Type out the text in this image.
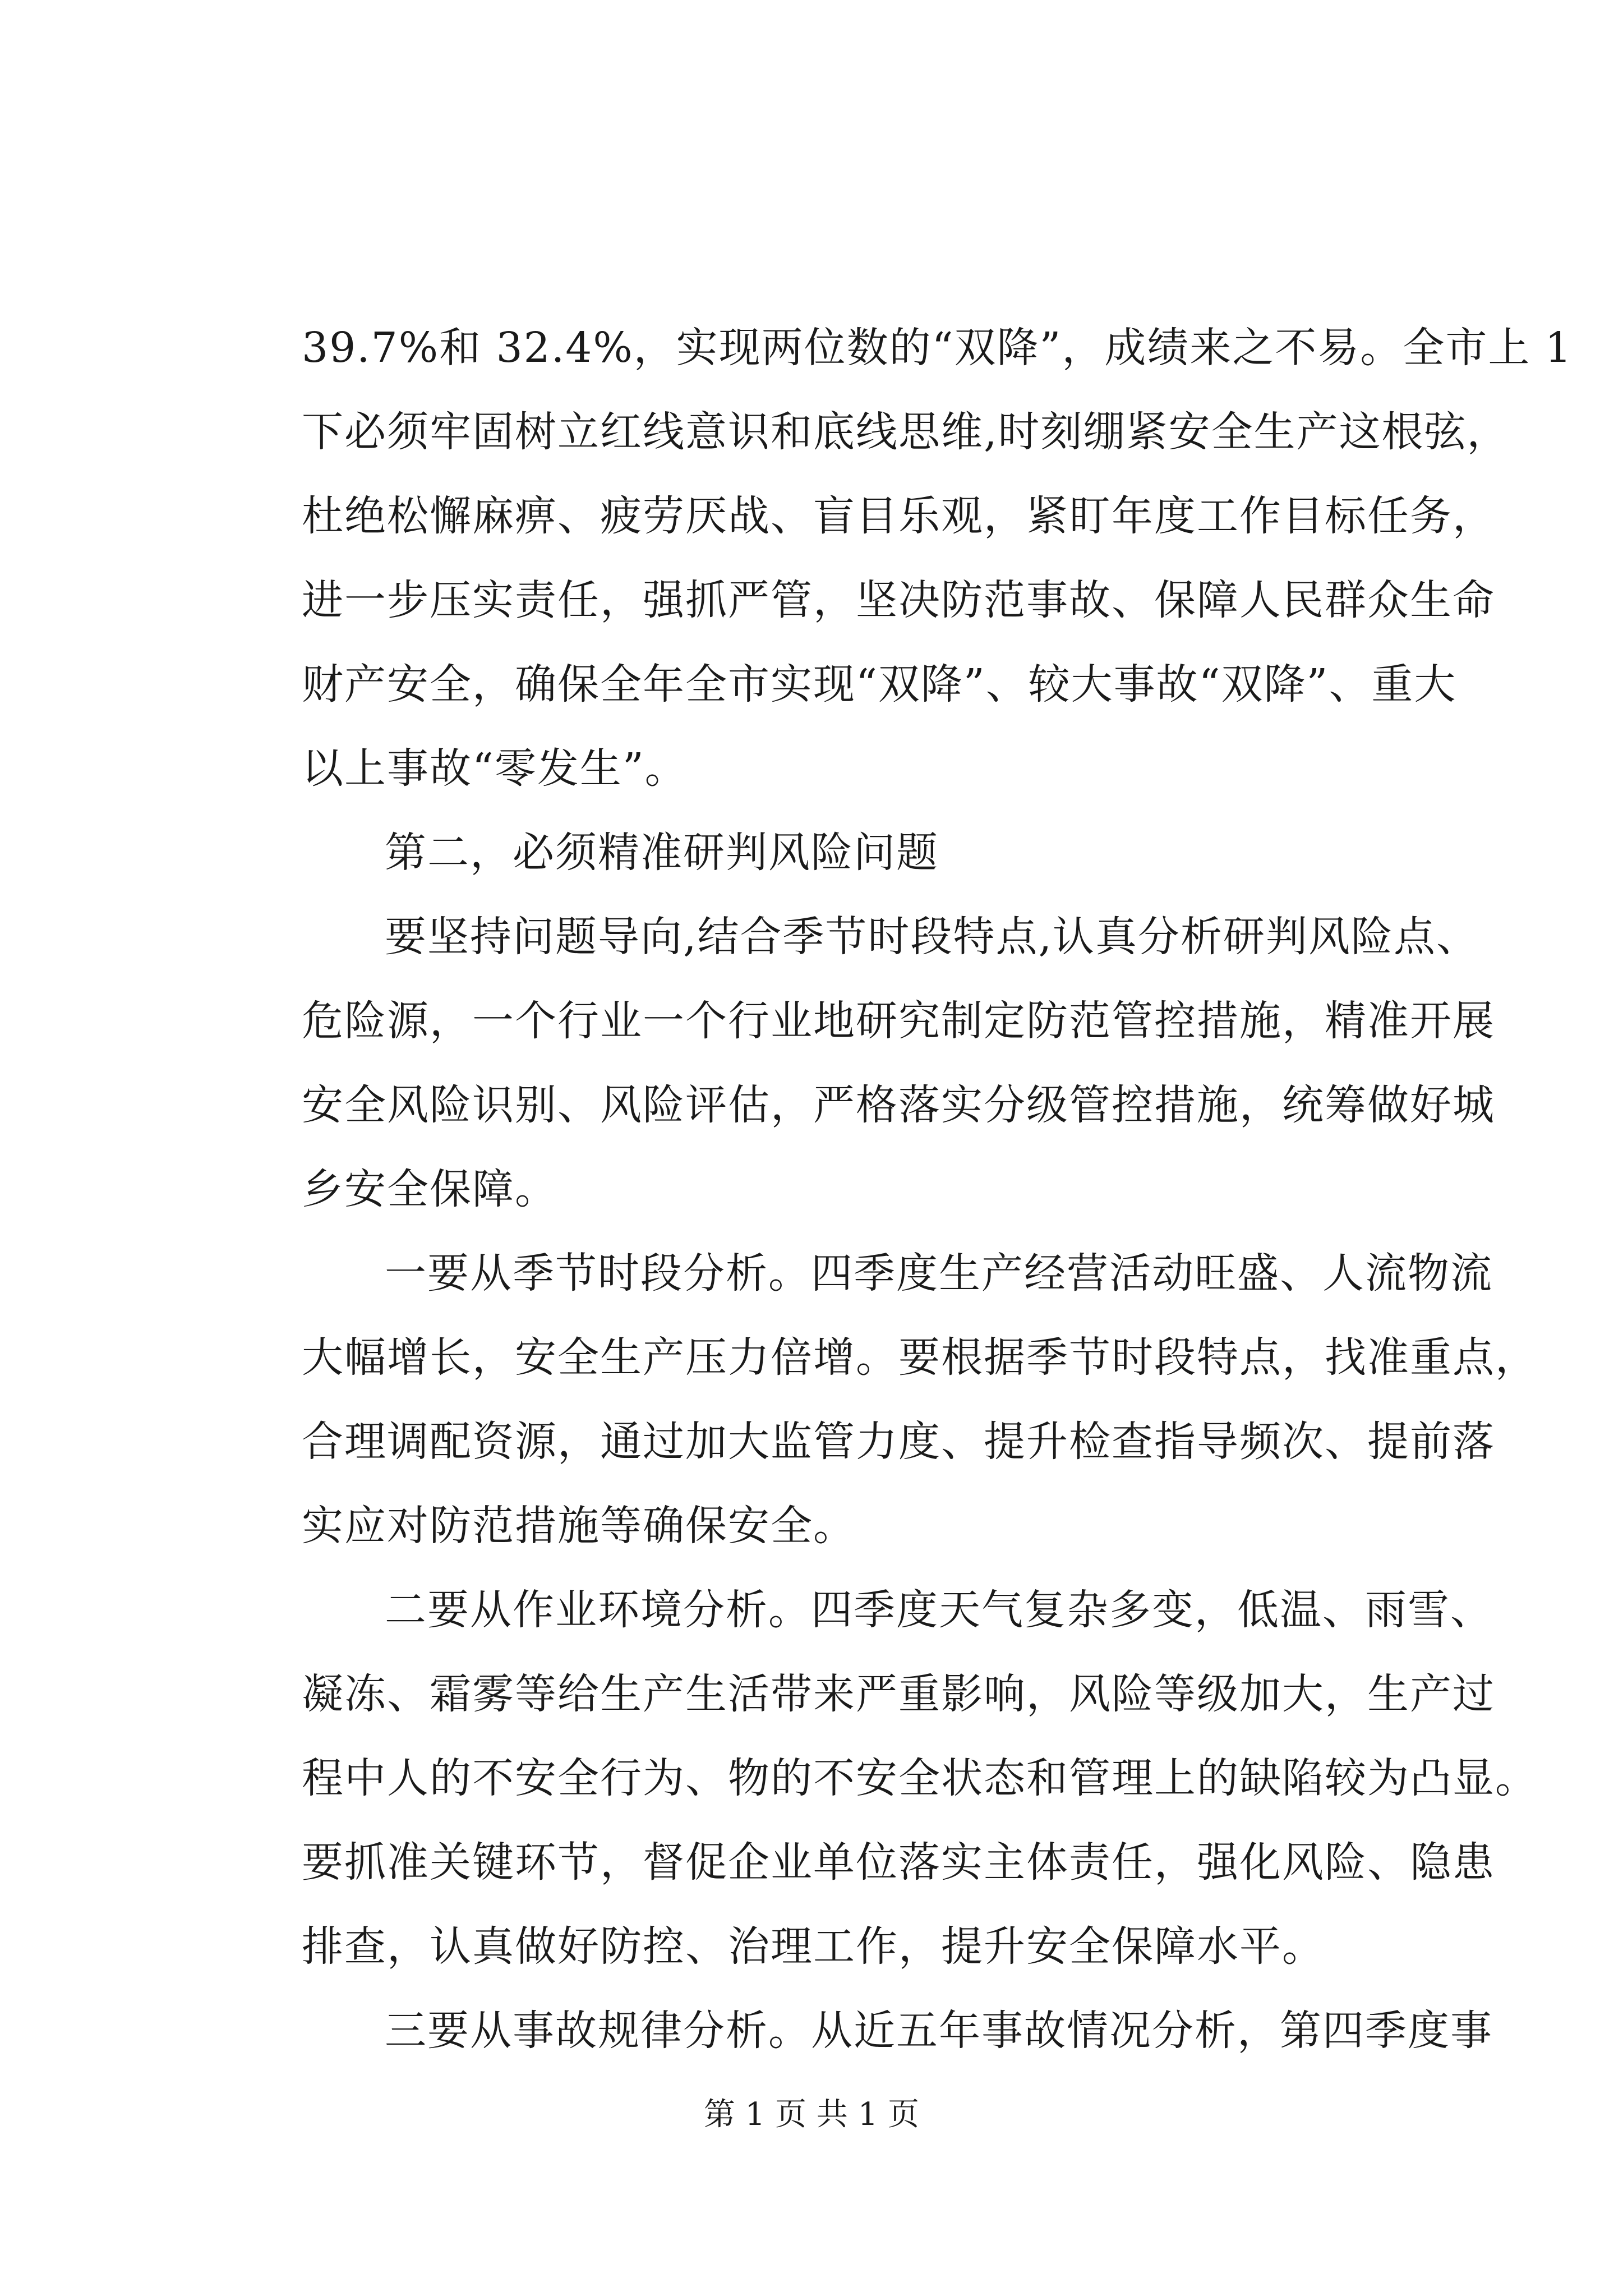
39.7%和 32.4%，实现两位数的“双降”，成绩来之不易。全市上 1
下必须牢固树立红线意识和底线思维,时刻绷紧安全生产这根弦，
杜绝松懈麻痹、疲劳厌战、盲目乐观，紧盯年度工作目标任务，
进一步压实责任，强抓严管，坚决防范事故、保障人民群众生命
财产安全，确保全年全市实现“双降”、较大事故“双降”、重大
以上事故“零发生”。
第二，必须精准研判风险问题
要坚持问题导向,结合季节时段特点,认真分析研判风险点、
危险源，一个行业一个行业地研究制定防范管控措施，精准开展
安全风险识别、风险评估，严格落实分级管控措施，统筹做好城
乡安全保障。
一要从季节时段分析。四季度生产经营活动旺盛、人流物流
大幅增长，安全生产压力倍增。要根据季节时段特点，找准重点，
合理调配资源，通过加大监管力度、提升检查指导频次、提前落
实应对防范措施等确保安全。
二要从作业环境分析。四季度天气复杂多变，低温、雨雪、
凝冻、霜雾等给生产生活带来严重影响，风险等级加大，生产过
程中人的不安全行为、物的不安全状态和管理上的缺陷较为凸显。
要抓准关键环节，督促企业单位落实主体责任，强化风险、隐患
排查，认真做好防控、治理工作，提升安全保障水平。
三要从事故规律分析。从近五年事故情况分析，第四季度事
第 1 页 共 1 页
